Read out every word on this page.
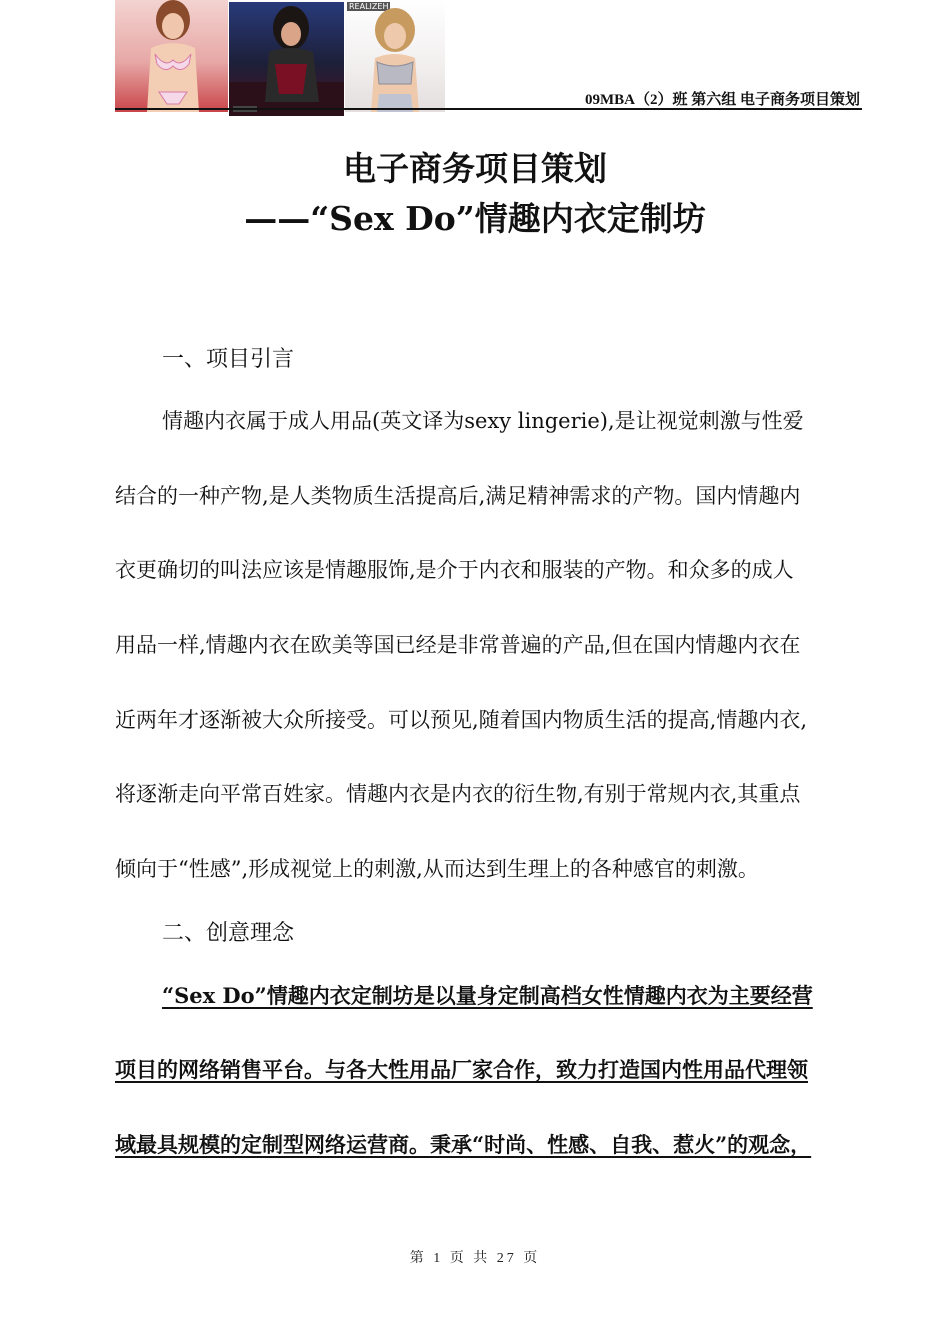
REALIZEH
09MBA（2）班 第六组 电子商务项目策划
电子商务项目策划
——“Sex Do”情趣内衣定制坊
一、项目引言
情趣内衣属于成人用品(英文译为sexy lingerie),是让视觉刺激与性爱
结合的一种产物,是人类物质生活提高后,满足精神需求的产物。国内情趣内
衣更确切的叫法应该是情趣服饰,是介于内衣和服装的产物。和众多的成人
用品一样,情趣内衣在欧美等国已经是非常普遍的产品,但在国内情趣内衣在
近两年才逐渐被大众所接受。可以预见,随着国内物质生活的提高,情趣内衣,
将逐渐走向平常百姓家。情趣内衣是内衣的衍生物,有别于常规内衣,其重点
倾向于“性感”,形成视觉上的刺激,从而达到生理上的各种感官的刺激。
二、创意理念
“Sex Do”情趣内衣定制坊是以量身定制高档女性情趣内衣为主要经营
项目的网络销售平台。与各大性用品厂家合作，致力打造国内性用品代理领
域最具规模的定制型网络运营商。秉承“时尚、性感、自我、惹火”的观念，
第 1 页 共 27 页
